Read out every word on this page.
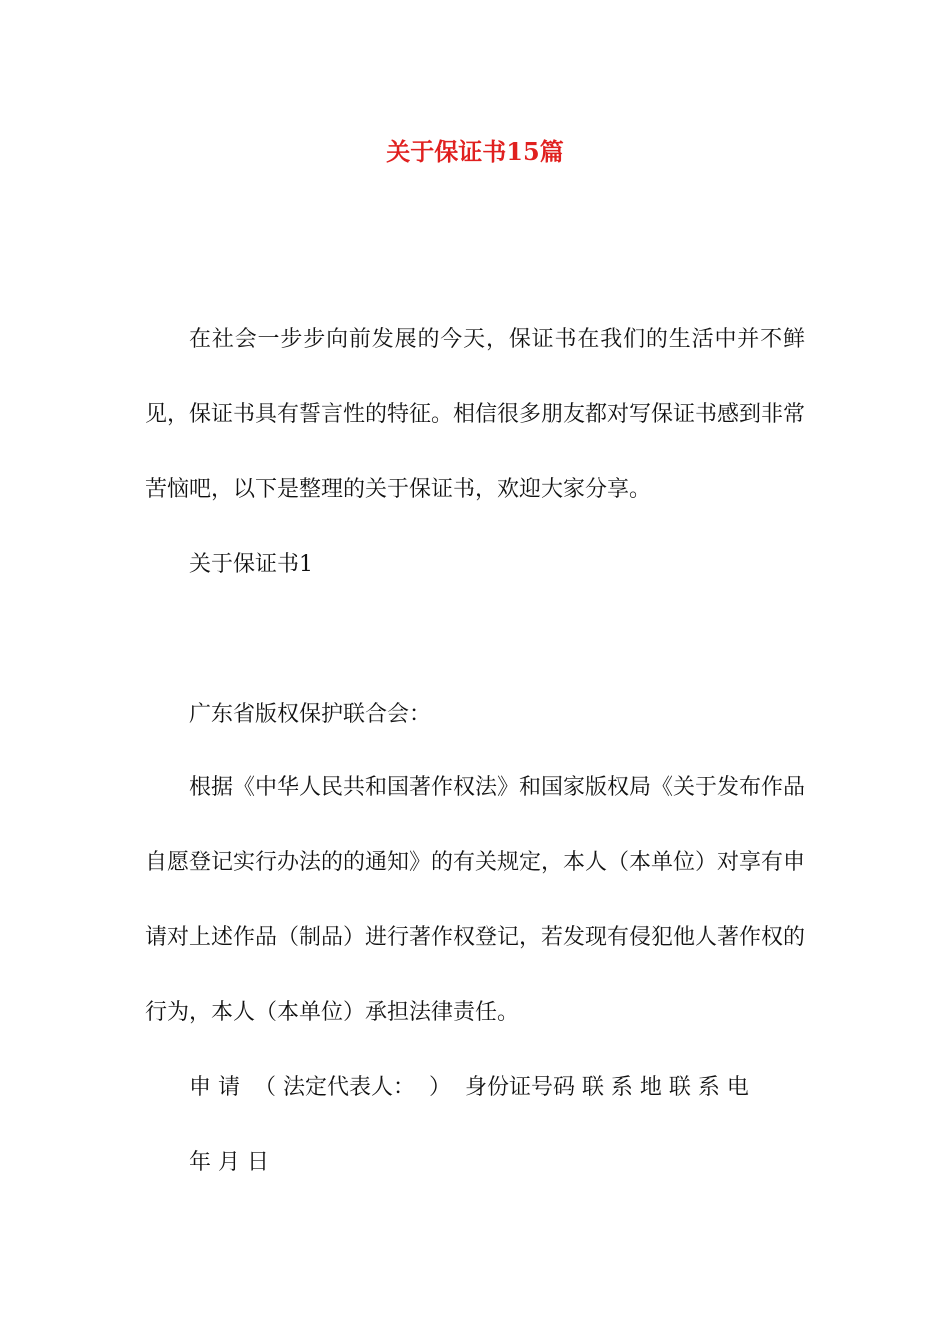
关于保证书15篇

在社会一步步向前发展的今天，保证书在我们的生活中并不鲜见，保证书具有誓言性的特征。相信很多朋友都对写保证书感到非常苦恼吧，以下是整理的关于保证书，欢迎大家分享。

关于保证书1
广东省版权保护联合会：

根据《中华人民共和国著作权法》和国家版权局《关于发布作品 自愿登记实行办法的的通知》的有关规定，本人（本单位）对享有申请对上述作品（制品）进行著作权登记，若发现有侵犯他人著作权的行为，本人（本单位）承担法律责任。

申 请  （ 法定代表人：  ）  身份证号码 联 系 地 联 系 电
年 月 日
